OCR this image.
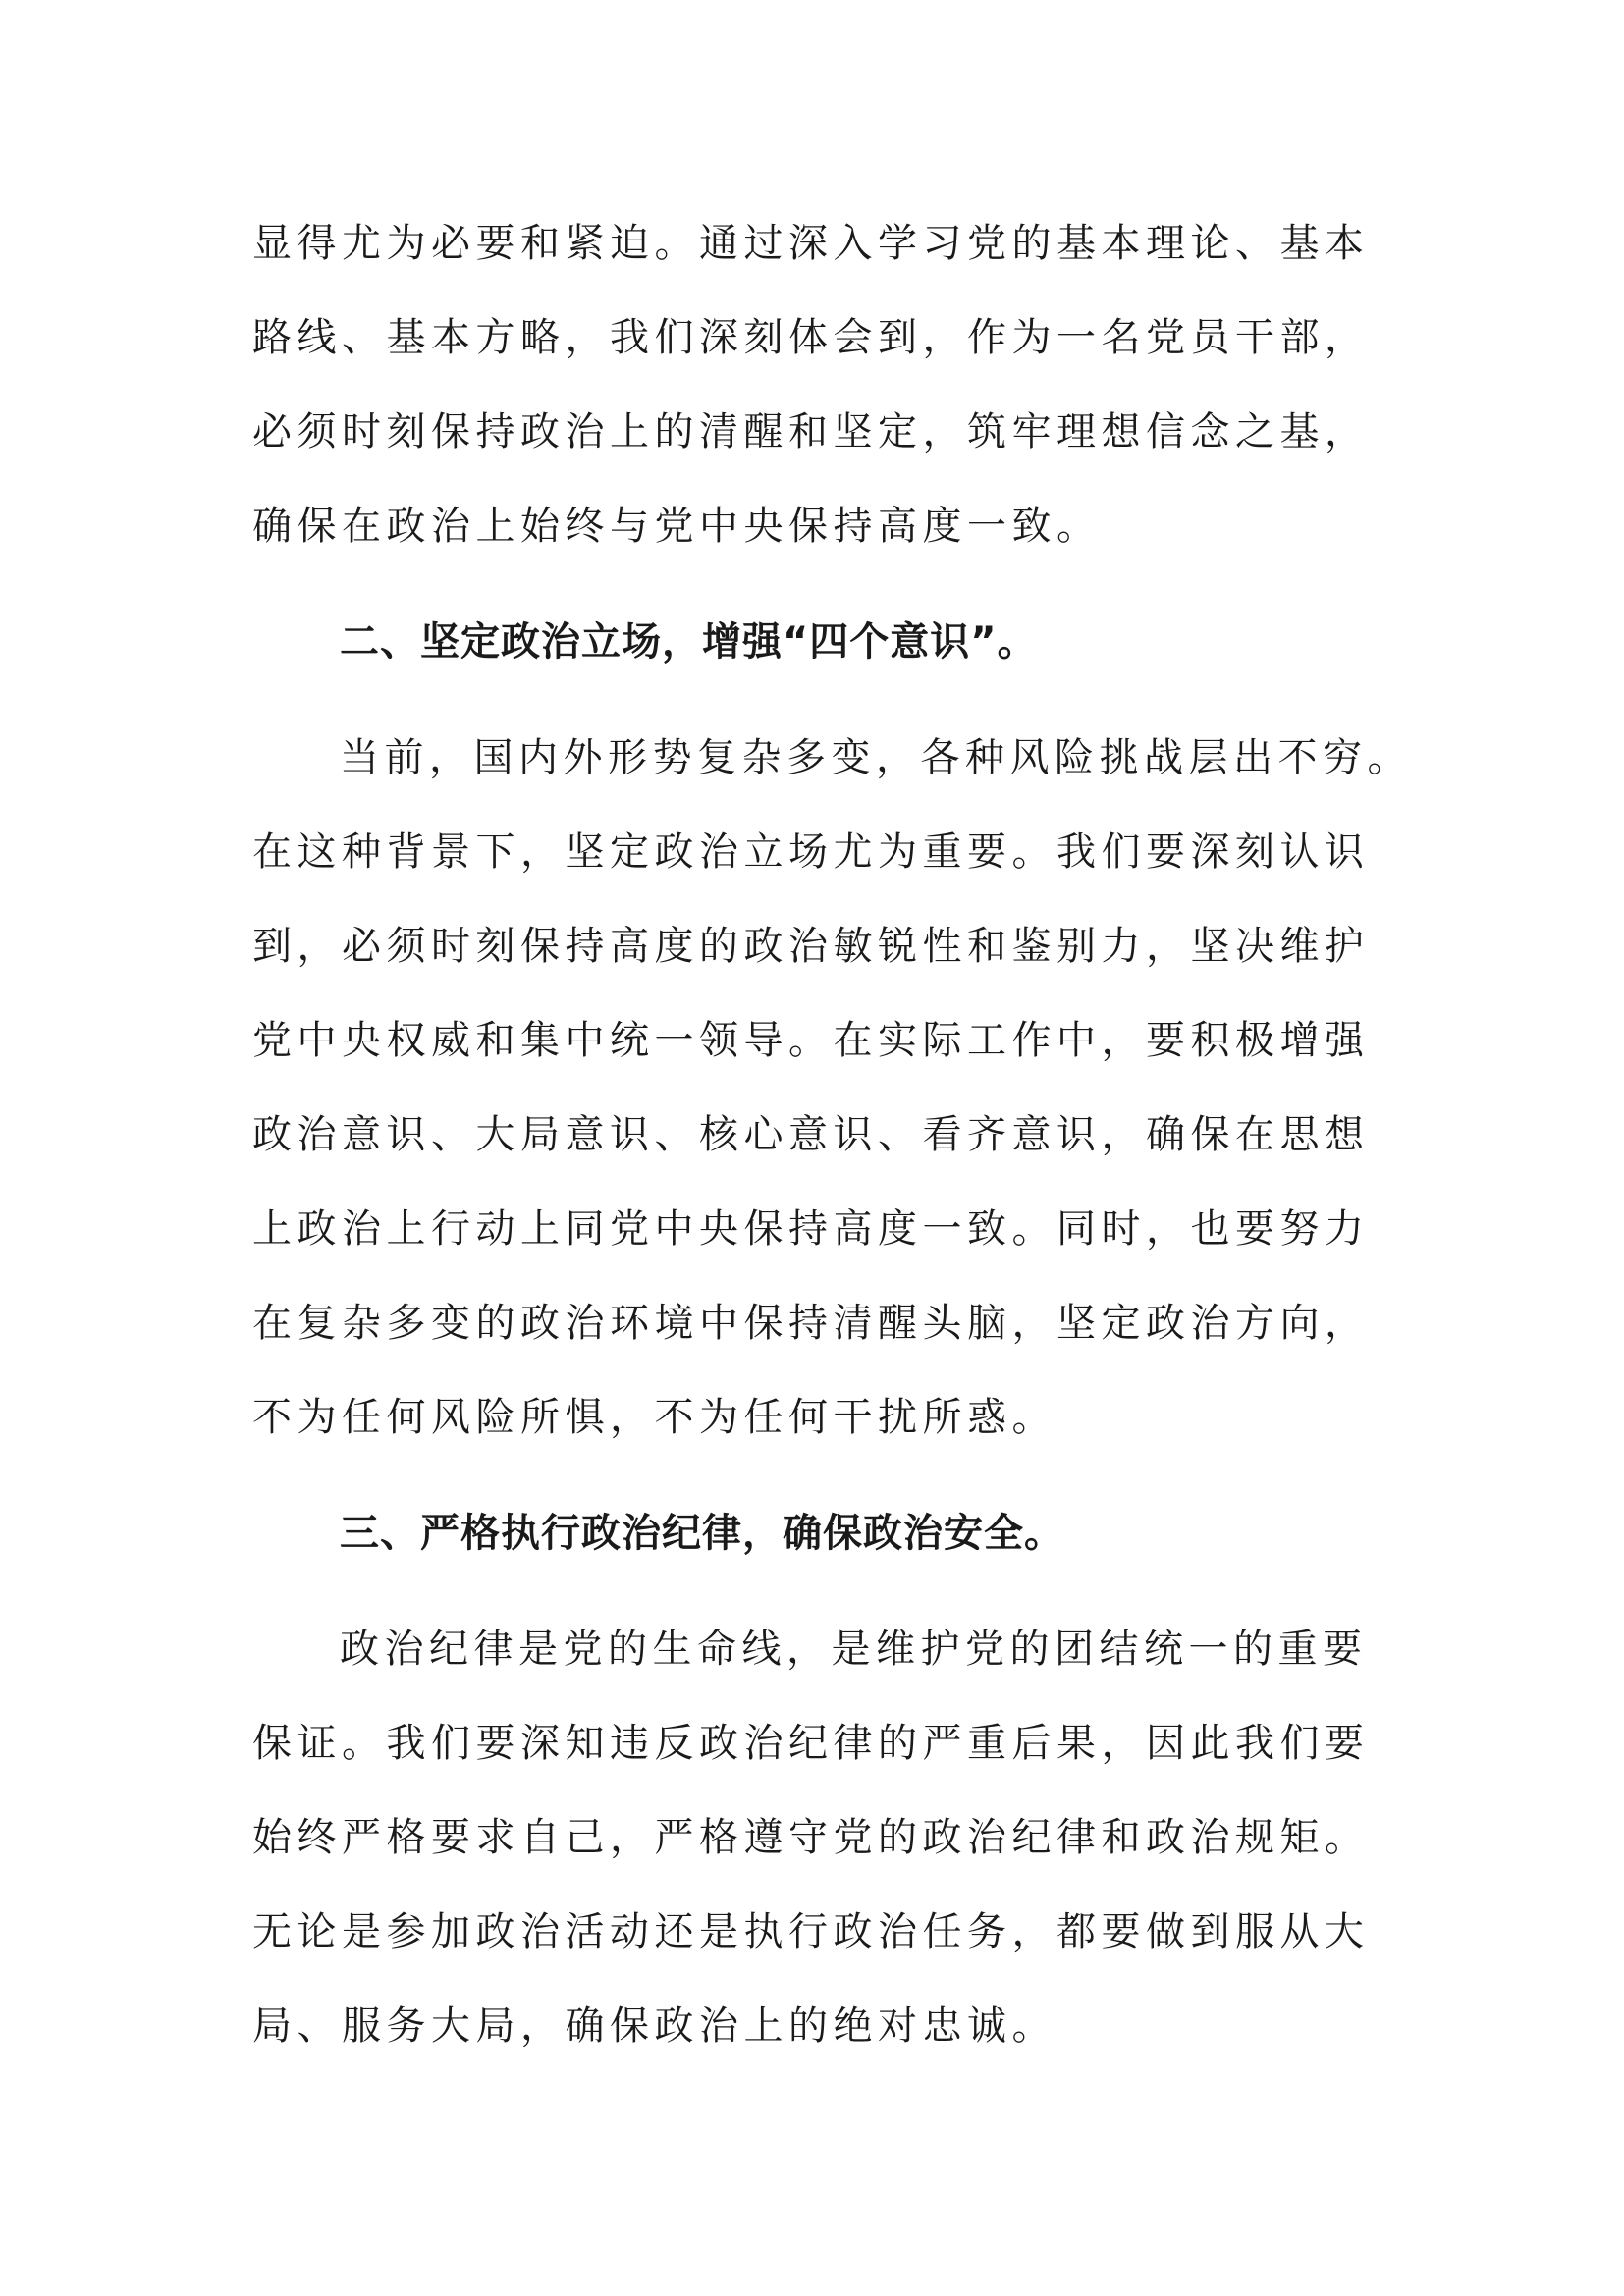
显得尤为必要和紧迫。通过深入学习党的基本理论、基本
路线、基本方略，我们深刻体会到，作为一名党员干部，
必须时刻保持政治上的清醒和坚定，筑牢理想信念之基，
确保在政治上始终与党中央保持高度一致。
二、坚定政治立场，增强“四个意识”。
当前，国内外形势复杂多变，各种风险挑战层出不穷。
在这种背景下，坚定政治立场尤为重要。我们要深刻认识
到，必须时刻保持高度的政治敏锐性和鉴别力，坚决维护
党中央权威和集中统一领导。在实际工作中，要积极增强
政治意识、大局意识、核心意识、看齐意识，确保在思想
上政治上行动上同党中央保持高度一致。同时，也要努力
在复杂多变的政治环境中保持清醒头脑，坚定政治方向，
不为任何风险所惧，不为任何干扰所惑。
三、严格执行政治纪律，确保政治安全。
政治纪律是党的生命线，是维护党的团结统一的重要
保证。我们要深知违反政治纪律的严重后果，因此我们要
始终严格要求自己，严格遵守党的政治纪律和政治规矩。
无论是参加政治活动还是执行政治任务，都要做到服从大
局、服务大局，确保政治上的绝对忠诚。
